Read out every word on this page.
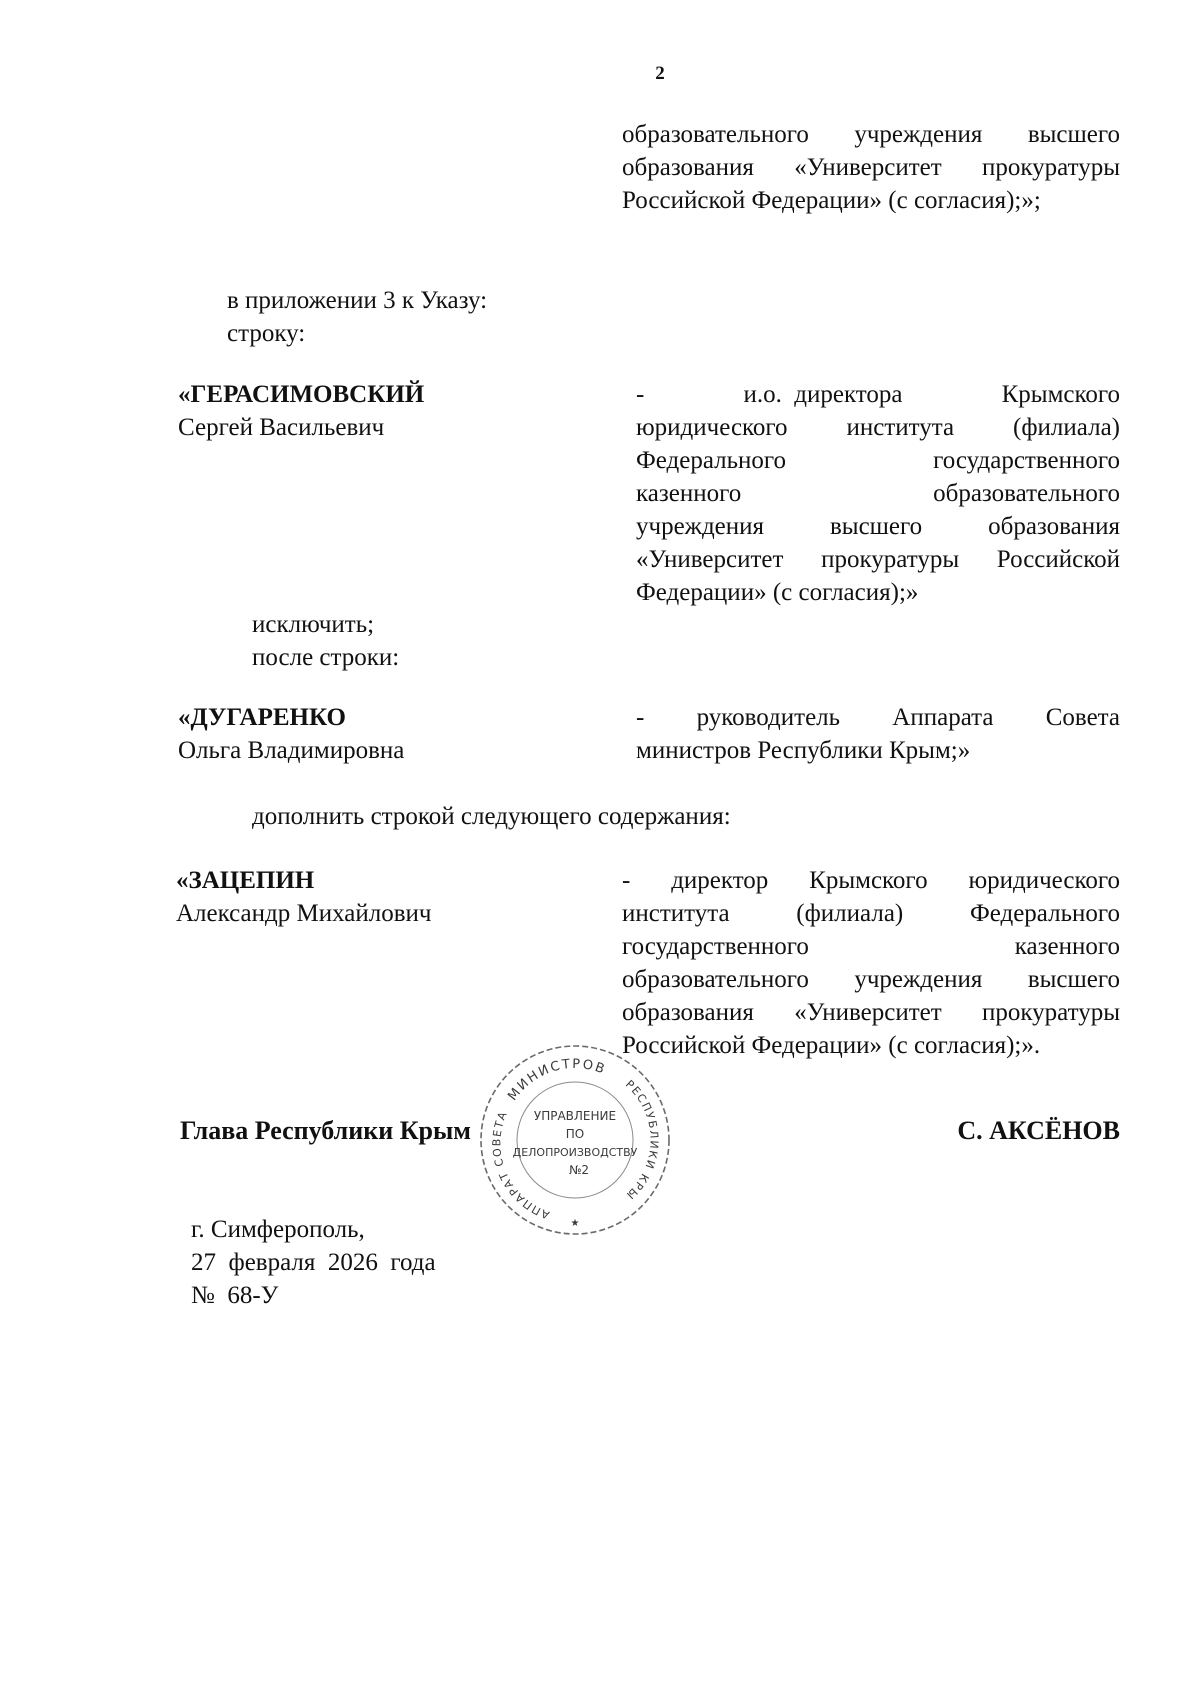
2
образовательного учреждения высшего
образования «Университет прокуратуры
Российской Федерации» (с согласия);»;
в приложении 3 к Указу:
строку:
«ГЕРАСИМОВСКИЙ
Сергей Васильевич
-        и.о. директора        Крымского
юридического института (филиала)
Федерального государственного
казенного образовательного
учреждения высшего образования
«Университет прокуратуры Российской
Федерации» (с согласия);»
исключить;
после строки:
«ДУГАРЕНКО
Ольга Владимировна
- руководитель Аппарата Совета
министров Республики Крым;»
дополнить строкой следующего содержания:
«ЗАЦЕПИН
Александр Михайлович
- директор Крымского юридического
института (филиала) Федерального
государственного казенного
образовательного учреждения высшего
образования «Университет прокуратуры
Российской Федерации» (с согласия);».
Глава Республики Крым	С. АКСЁНОВ
МИНИСТРОВ
РЕСПУБЛИКИ КРЫ
АППАРАТ СОВЕТА	УПРАВЛЕНИЕ
ПО
ДЕЛОПРОИЗВОДСТВУ
№2
★
г. Симферополь,
27  февраля  2026  года
№  68-У
